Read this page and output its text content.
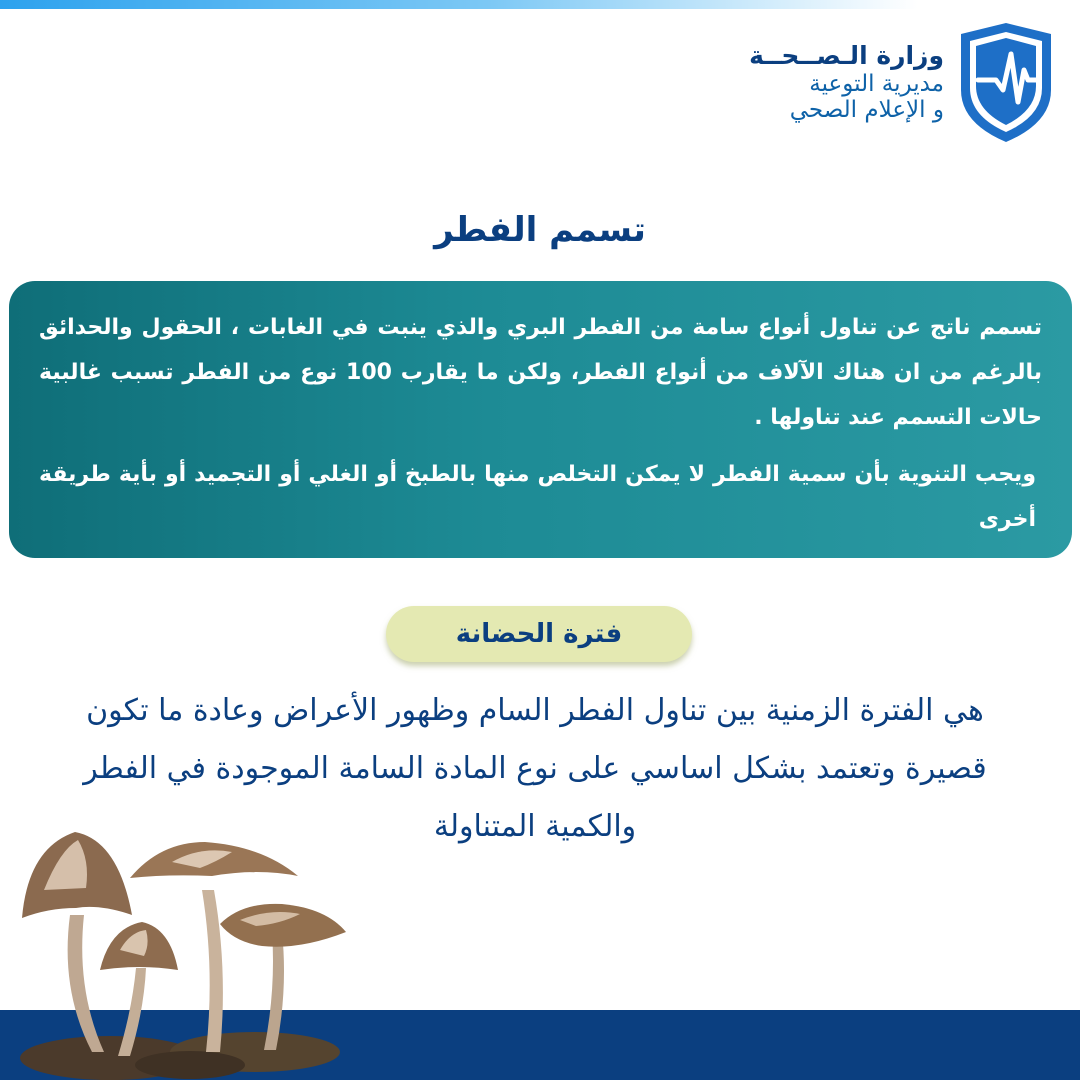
وزارة الـصــحــة
مديرية التوعية
و الإعلام الصحي
تسمم الفطر

تسمم ناتج عن تناول أنواع سامة من الفطر البري والذي ينبت في الغابات ، الحقول والحدائق بالرغم من ان هناك الآلاف من أنواع الفطر، ولكن ما يقارب 100 نوع من الفطر تسبب غالبية حالات التسمم عند تناولها .

ويجب التنوية بأن سمية الفطر لا يمكن التخلص منها بالطبخ أو الغلي أو التجميد أو بأية طريقة أخرى

فترة الحضانة

هي الفترة الزمنية بين تناول الفطر السام وظهور الأعراض وعادة ما تكون قصيرة وتعتمد بشكل اساسي على نوع المادة السامة الموجودة في الفطر والكمية المتناولة
